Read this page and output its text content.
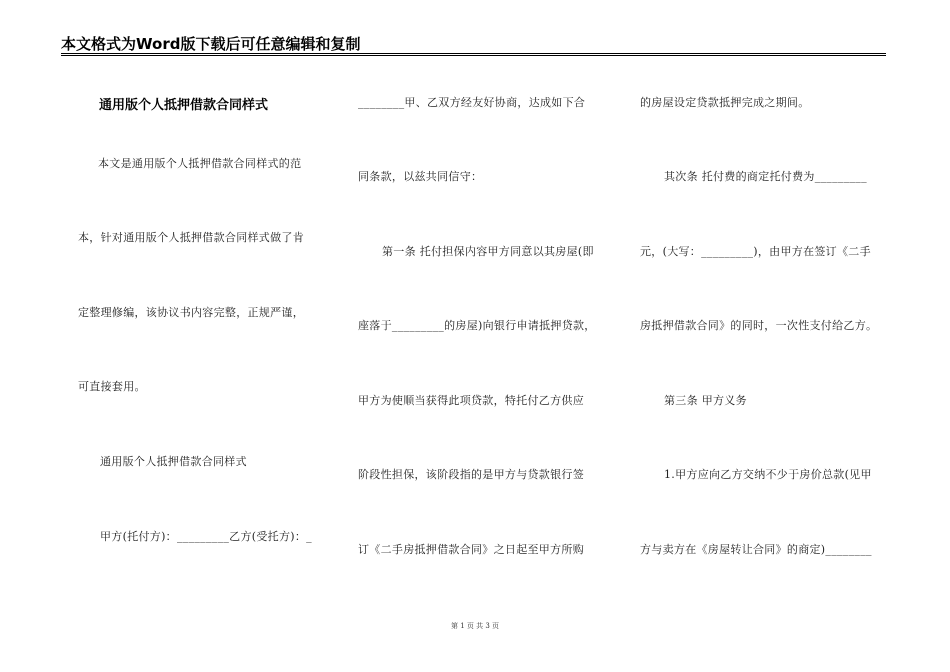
本文格式为Word版下载后可任意编辑和复制
通用版个人抵押借款合同样式
本文是通用版个人抵押借款合同样式的范
本，针对通用版个人抵押借款合同样式做了肯
定整理修编，该协议书内容完整，正规严谨，
可直接套用。
通用版个人抵押借款合同样式
甲方(托付方)：_________乙方(受托方)：_
________甲、乙双方经友好协商，达成如下合
同条款，以兹共同信守：
第一条 托付担保内容甲方同意以其房屋(即
座落于_________的房屋)向银行申请抵押贷款，
甲方为使顺当获得此项贷款，特托付乙方供应
阶段性担保，该阶段指的是甲方与贷款银行签
订《二手房抵押借款合同》之日起至甲方所购
的房屋设定贷款抵押完成之期间。
其次条 托付费的商定托付费为_________
元，(大写：_________)，由甲方在签订《二手
房抵押借款合同》的同时，一次性支付给乙方。
第三条 甲方义务
1.甲方应向乙方交纳不少于房价总款(见甲
方与卖方在《房屋转让合同》的商定)________
第 1 页 共 3 页
